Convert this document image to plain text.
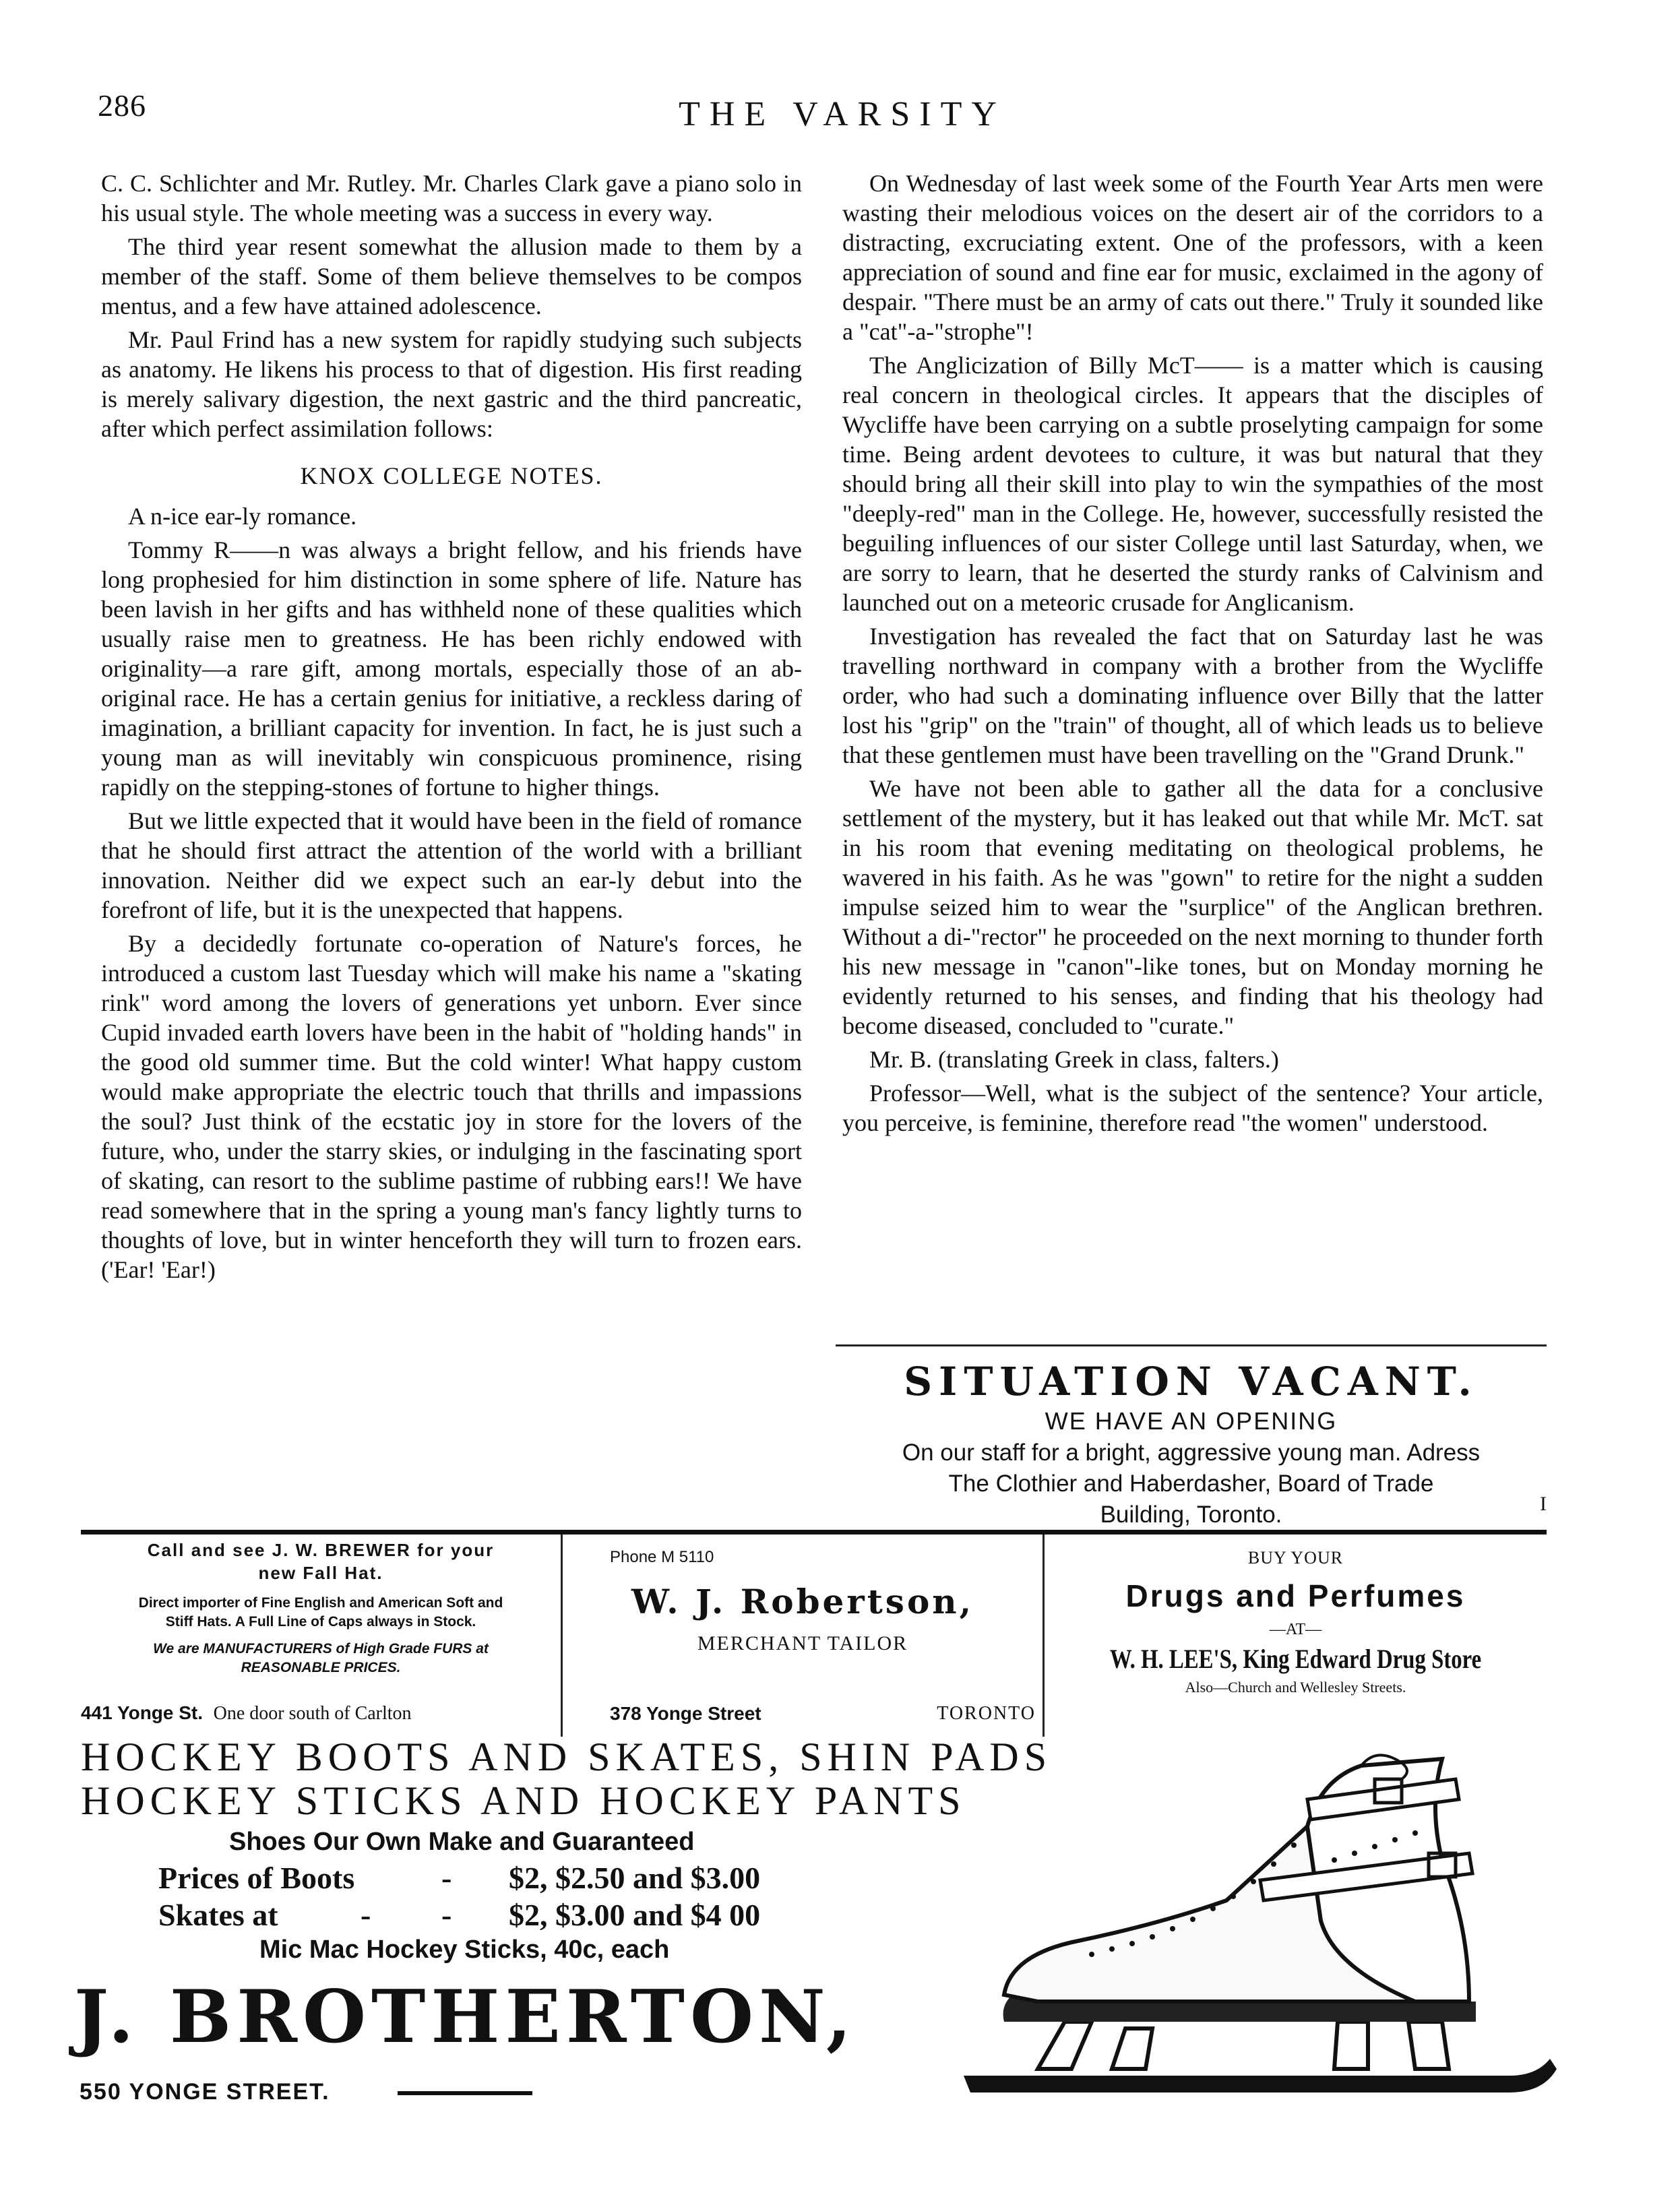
286	THE VARSITY

C. C. Schlichter and Mr. Rutley. Mr. Charles Clark gave a piano solo in his usual style. The whole meeting was a success in every way.

The third year resent somewhat the allusion made to them by a member of the staff. Some of them believe themselves to be compos mentus, and a few have attained adolescence.

Mr. Paul Frind has a new system for rapidly studying such subjects as anatomy. He likens his process to that of digestion. His first reading is merely salivary digestion, the next gastric and the third pancreatic, after which perfect assimilation follows:

KNOX COLLEGE NOTES.

A n-ice ear-ly romance.

Tommy R——n was always a bright fellow, and his friends have long prophesied for him distinction in some sphere of life. Nature has been lavish in her gifts and has withheld none of these qualities which usually raise men to greatness. He has been richly endowed with originality—a rare gift, among mortals, especially those of an ab-original race. He has a certain genius for initiative, a reckless daring of imagination, a brilliant capacity for invention. In fact, he is just such a young man as will inevitably win conspicuous prominence, rising rapidly on the stepping-stones of fortune to higher things.

But we little expected that it would have been in the field of romance that he should first attract the attention of the world with a brilliant innovation. Neither did we expect such an ear-ly debut into the forefront of life, but it is the unexpected that happens.

By a decidedly fortunate co-operation of Nature's forces, he introduced a custom last Tuesday which will make his name a "skating rink" word among the lovers of generations yet unborn. Ever since Cupid invaded earth lovers have been in the habit of "holding hands" in the good old summer time. But the cold winter! What happy custom would make appropriate the electric touch that thrills and impassions the soul? Just think of the ecstatic joy in store for the lovers of the future, who, under the starry skies, or indulging in the fascinating sport of skating, can resort to the sublime pastime of rubbing ears!! We have read somewhere that in the spring a young man's fancy lightly turns to thoughts of love, but in winter henceforth they will turn to frozen ears. ('Ear! 'Ear!)

On Wednesday of last week some of the Fourth Year Arts men were wasting their melodious voices on the desert air of the corridors to a distracting, excruciating extent. One of the professors, with a keen appreciation of sound and fine ear for music, exclaimed in the agony of despair. "There must be an army of cats out there." Truly it sounded like a "cat"-a-"strophe"!

The Anglicization of Billy McT—— is a matter which is causing real concern in theological circles. It appears that the disciples of Wycliffe have been carrying on a subtle proselyting campaign for some time. Being ardent devotees to culture, it was but natural that they should bring all their skill into play to win the sympathies of the most "deeply-red" man in the College. He, however, successfully resisted the beguiling influences of our sister College until last Saturday, when, we are sorry to learn, that he deserted the sturdy ranks of Calvinism and launched out on a meteoric crusade for Anglicanism.

Investigation has revealed the fact that on Saturday last he was travelling northward in company with a brother from the Wycliffe order, who had such a dominating influence over Billy that the latter lost his "grip" on the "train" of thought, all of which leads us to believe that these gentlemen must have been travelling on the "Grand Drunk."

We have not been able to gather all the data for a conclusive settlement of the mystery, but it has leaked out that while Mr. McT. sat in his room that evening meditating on theological problems, he wavered in his faith. As he was "gown" to retire for the night a sudden impulse seized him to wear the "surplice" of the Anglican brethren. Without a di-"rector" he proceeded on the next morning to thunder forth his new message in "canon"-like tones, but on Monday morning he evidently returned to his senses, and finding that his theology had become diseased, concluded to "curate."

Mr. B. (translating Greek in class, falters.)

Professor—Well, what is the subject of the sentence? Your article, you perceive, is feminine, therefore read "the women" understood.

SITUATION VACANT.
WE HAVE AN OPENING
On our staff for a bright, aggressive young man. Adress
The Clothier and Haberdasher, Board of Trade
Building, Toronto.	I
Call and see J. W. BREWER for your
new Fall Hat.
Direct importer of Fine English and American Soft and
Stiff Hats. A Full Line of Caps always in Stock.
We are MANUFACTURERS of High Grade FURS at
REASONABLE PRICES.
441 Yonge St. One door south of Carlton
Phone M 5110
W. J. Robertson,
MERCHANT TAILOR
378 Yonge Street	TORONTO
BUY YOUR
Drugs and Perfumes
—AT—
W. H. LEE'S, King Edward Drug Store
Also—Church and Wellesley Streets.
HOCKEY BOOTS AND SKATES, SHIN PADS
HOCKEY STICKS AND HOCKEY PANTS
Shoes Our Own Make and Guaranteed
Prices of Boots	- $2, $2.50 and $3.00
Skates at	- - $2, $3.00 and $4 00
Mic Mac Hockey Sticks, 40c, each
J. BROTHERTON,
550 YONGE STREET.
